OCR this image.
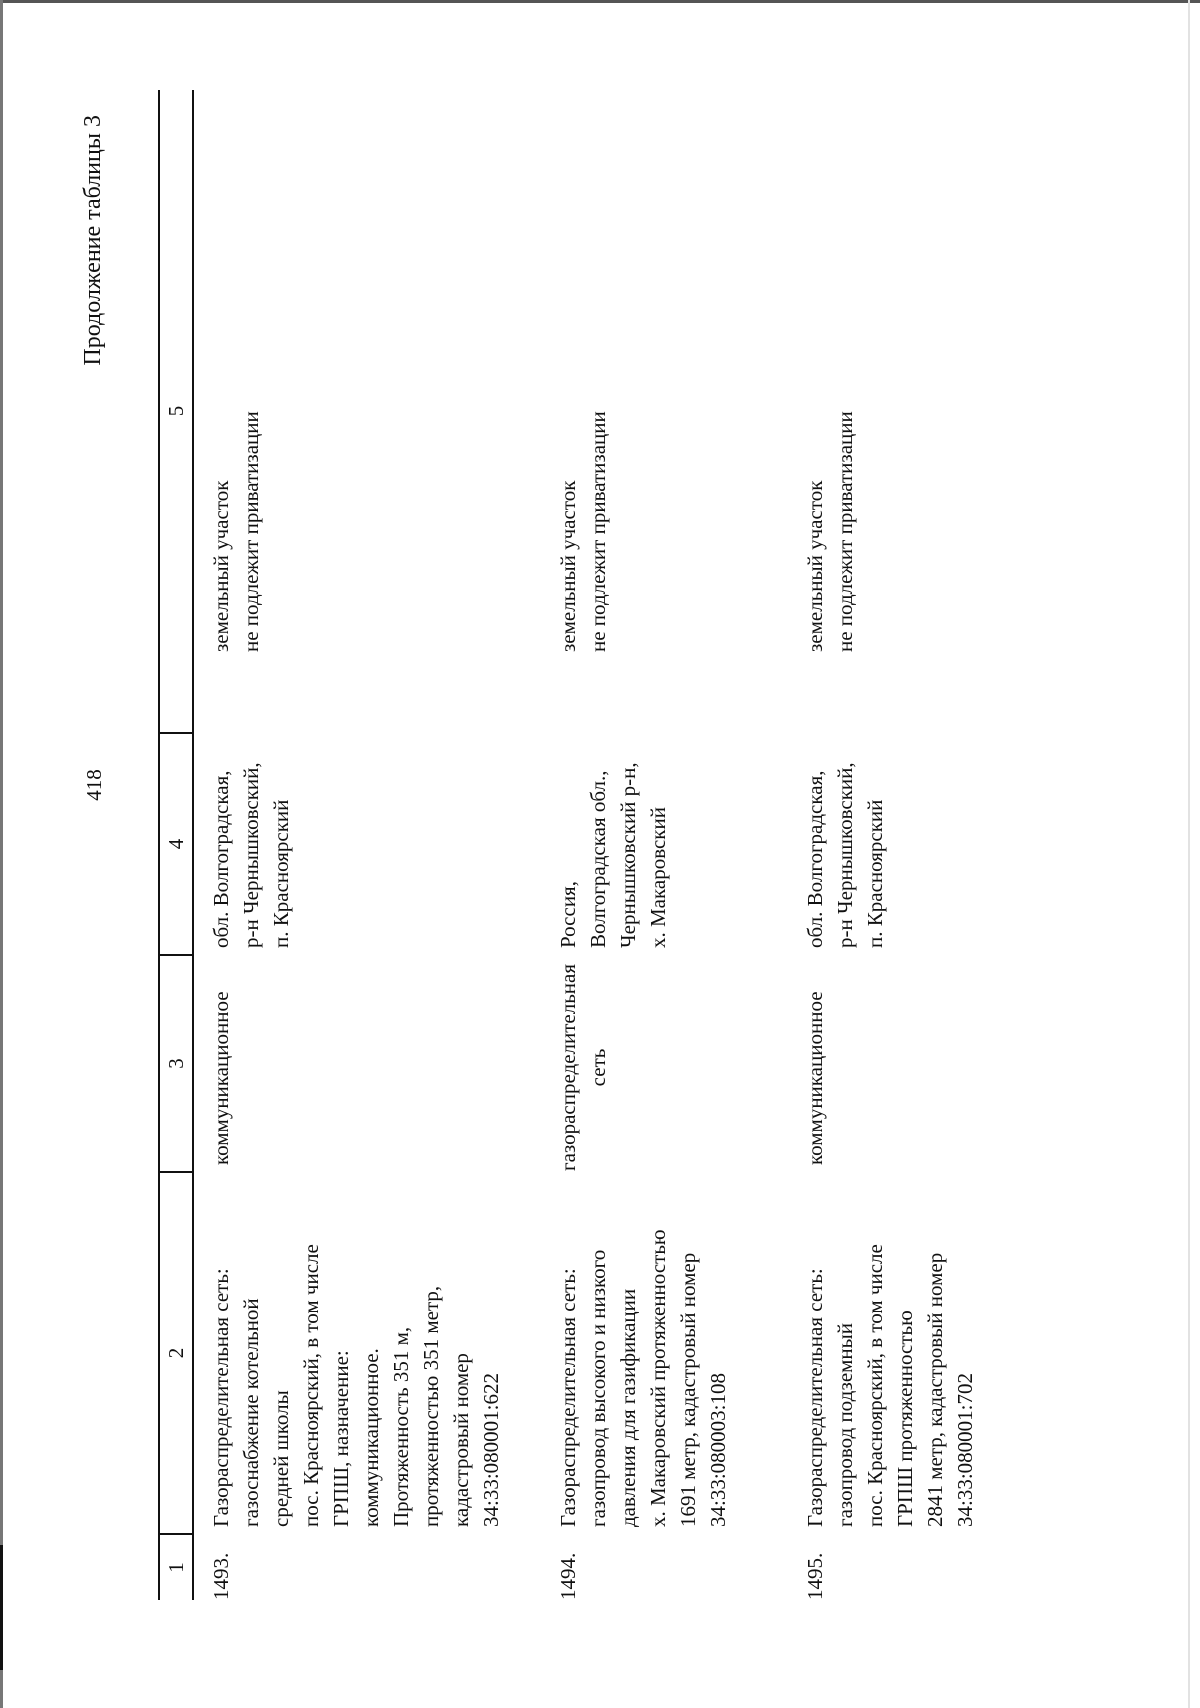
418
Продолжение таблицы 3
1
2
3
4
5
1493.
Газораспределительная сеть:
газоснабжение котельной
средней школы
пос. Красноярский, в том числе
ГРПШ, назначение:
коммуникационное.
Протяженность 351 м,
протяженностью 351 метр,
кадастровый номер
34:33:080001:622
коммуникационное
обл. Волгоградская,
р-н Чернышковский,
п. Красноярский
земельный участок
не подлежит приватизации
1494.
Газораспределительная сеть:
газопровод высокого и низкого
давления для газификации
х. Макаровский протяженностью
1691 метр, кадастровый номер
34:33:080003:108
газораспределительная
сеть
Россия,
Волгоградская обл.,
Чернышковский р-н,
х. Макаровский
земельный участок
не подлежит приватизации
1495.
Газораспределительная сеть:
газопровод подземный
пос. Красноярский, в том числе
ГРПШ протяженностью
2841 метр, кадастровый номер
34:33:080001:702
коммуникационное
обл. Волгоградская,
р-н Чернышковский,
п. Красноярский
земельный участок
не подлежит приватизации
